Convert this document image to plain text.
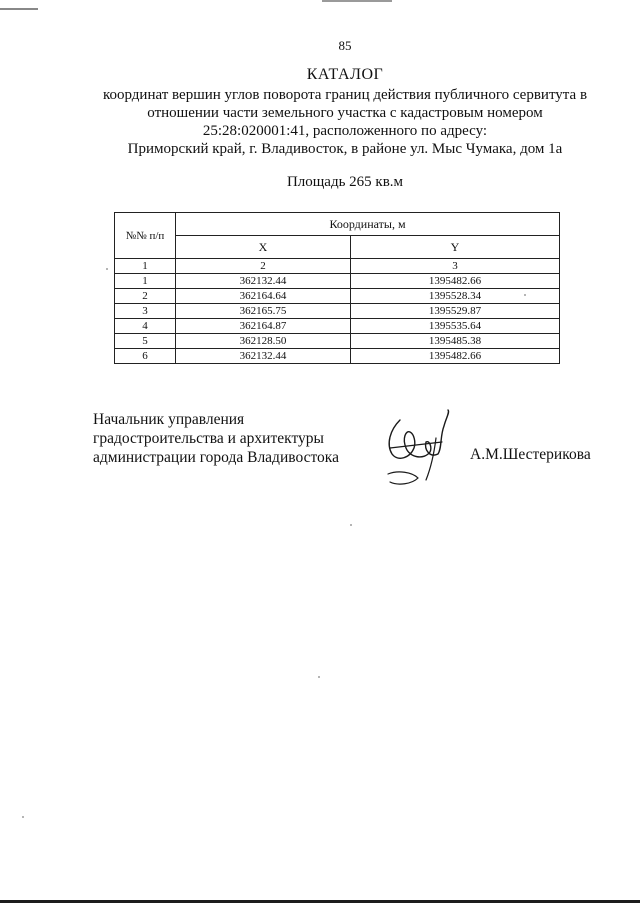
85
КАТАЛОГ
координат вершин углов поворота границ действия публичного сервитута в
отношении части земельного участка с кадастровым номером
25:28:020001:41, расположенного по адресу:
Приморский край, г. Владивосток, в районе ул. Мыс Чумака, дом 1а
Площадь 265 кв.м
№№ п/п	Координаты, м	
	X	Y
1	2	3
1	362132.44	1395482.66
2	362164.64	1395528.34
3	362165.75	1395529.87
4	362164.87	1395535.64
5	362128.50	1395485.38
6	362132.44	1395482.66
Начальник управления
градостроительства и архитектуры
администрации города Владивостока	А.М.Шестерикова
